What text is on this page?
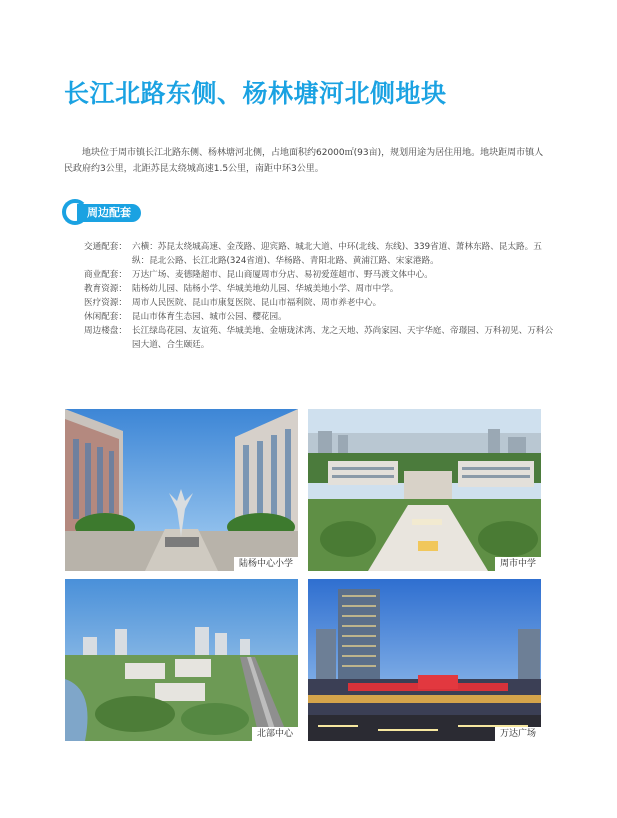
长江北路东侧、杨林塘河北侧地块

地块位于周市镇长江北路东侧、杨林塘河北侧，占地面积约62000㎡(93亩)，规划用途为居住用地。地块距周市镇人民政府约3公里，北距苏昆太绕城高速1.5公里，南距中环3公里。

周边配套
交通配套： 六横：苏昆太绕城高速、金茂路、迎宾路、城北大道、中环(北线、东线)、339省道、萧林东路、昆太路。五纵：昆北公路、长江北路(324省道)、华杨路、青阳北路、黄浦江路、宋家港路。
商业配套： 万达广场、麦德隆超市、昆山商厦周市分店、易初爱莲超市、野马渡文体中心。
教育资源： 陆杨幼儿园、陆杨小学、华城美地幼儿园、华城美地小学、周市中学。
医疗资源： 周市人民医院、昆山市康复医院、昆山市福利院、周市养老中心。
休闲配套： 昆山市体育生态园、城市公园、樱花园。
周边楼盘： 长江绿岛花园、友谊苑、华城美地、金塘珑沭湾、龙之天地、苏尚家园、天宇华庭、帝璟园、万科初见、万科公园大道、合生颐廷。
陆杨中心小学	周市中学
北部中心	万达广场
